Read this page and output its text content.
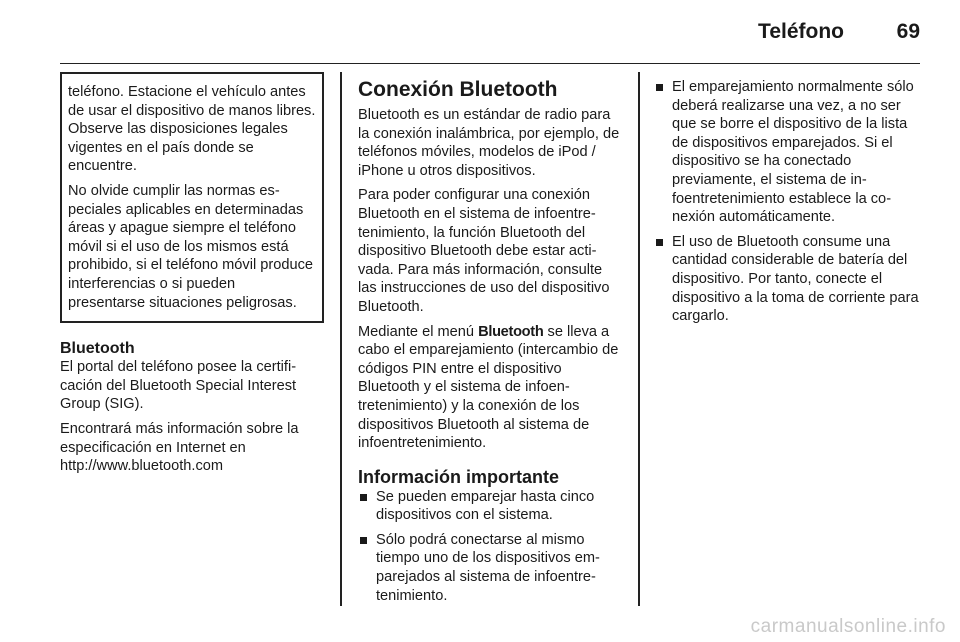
Teléfono	69

teléfono. Estacione el vehículo antes de usar el dispositivo de manos libres. Observe las disposiciones legales vigentes en el país donde se encuentre.

No olvide cumplir las normas especiales aplicables en determinadas áreas y apague siempre el teléfono móvil si el uso de los mismos está prohibido, si el teléfono móvil produce interferencias o si pueden presentarse situaciones peligrosas.

Bluetooth

El portal del teléfono posee la certificación del Bluetooth Special Interest Group (SIG).

Encontrará más información sobre la especificación en Internet en http://www.bluetooth.com

Conexión Bluetooth

Bluetooth es un estándar de radio para la conexión inalámbrica, por ejemplo, de teléfonos móviles, modelos de iPod / iPhone u otros dispositivos.

Para poder configurar una conexión Bluetooth en el sistema de infoentretenimiento, la función Bluetooth del dispositivo Bluetooth debe estar activada. Para más información, consulte las instrucciones de uso del dispositivo Bluetooth.

Mediante el menú Bluetooth se lleva a cabo el emparejamiento (intercambio de códigos PIN entre el dispositivo Bluetooth y el sistema de infoentretenimiento) y la conexión de los dispositivos Bluetooth al sistema de infoentretenimiento.

Información importante
Se pueden emparejar hasta cinco dispositivos con el sistema.
Sólo podrá conectarse al mismo tiempo uno de los dispositivos emparejados al sistema de infoentretenimiento.
El emparejamiento normalmente sólo deberá realizarse una vez, a no ser que se borre el dispositivo de la lista de dispositivos emparejados. Si el dispositivo se ha conectado previamente, el sistema de infoentretenimiento establece la conexión automáticamente.
El uso de Bluetooth consume una cantidad considerable de batería del dispositivo. Por tanto, conecte el dispositivo a la toma de corriente para cargarlo.
carmanualsonline.info
